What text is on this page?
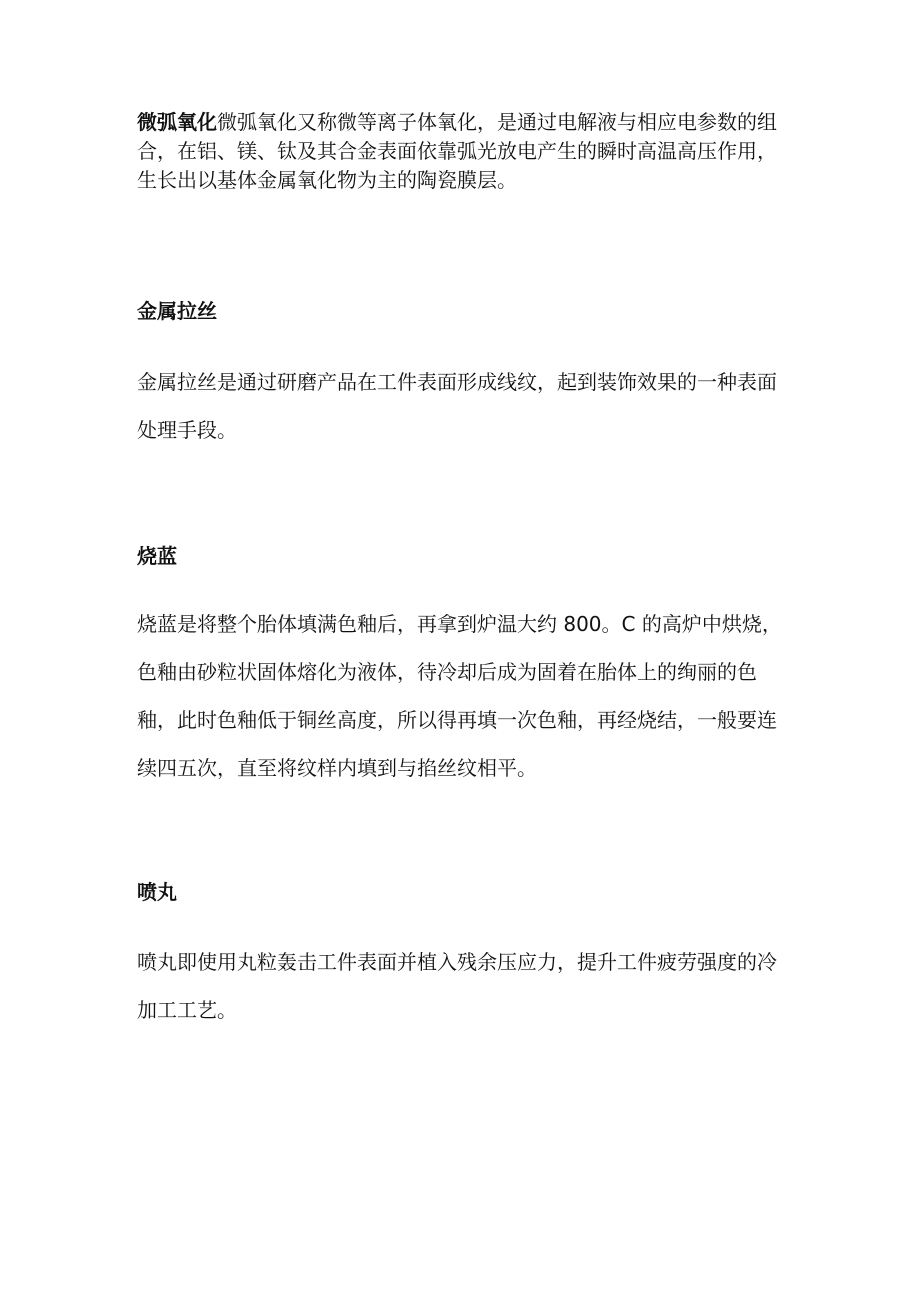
微弧氧化微弧氧化又称微等离子体氧化，是通过电解液与相应电参数的组合，在铝、镁、钛及其合金表面依靠弧光放电产生的瞬时高温高压作用，生长出以基体金属氧化物为主的陶瓷膜层。

金属拉丝

金属拉丝是通过研磨产品在工件表面形成线纹，起到装饰效果的一种表面处理手段。

烧蓝

烧蓝是将整个胎体填满色釉后，再拿到炉温大约 800。C 的高炉中烘烧，色釉由砂粒状固体熔化为液体，待冷却后成为固着在胎体上的绚丽的色釉，此时色釉低于铜丝高度，所以得再填一次色釉，再经烧结，一般要连续四五次，直至将纹样内填到与掐丝纹相平。

喷丸

喷丸即使用丸粒轰击工件表面并植入残余压应力，提升工件疲劳强度的冷加工工艺。
